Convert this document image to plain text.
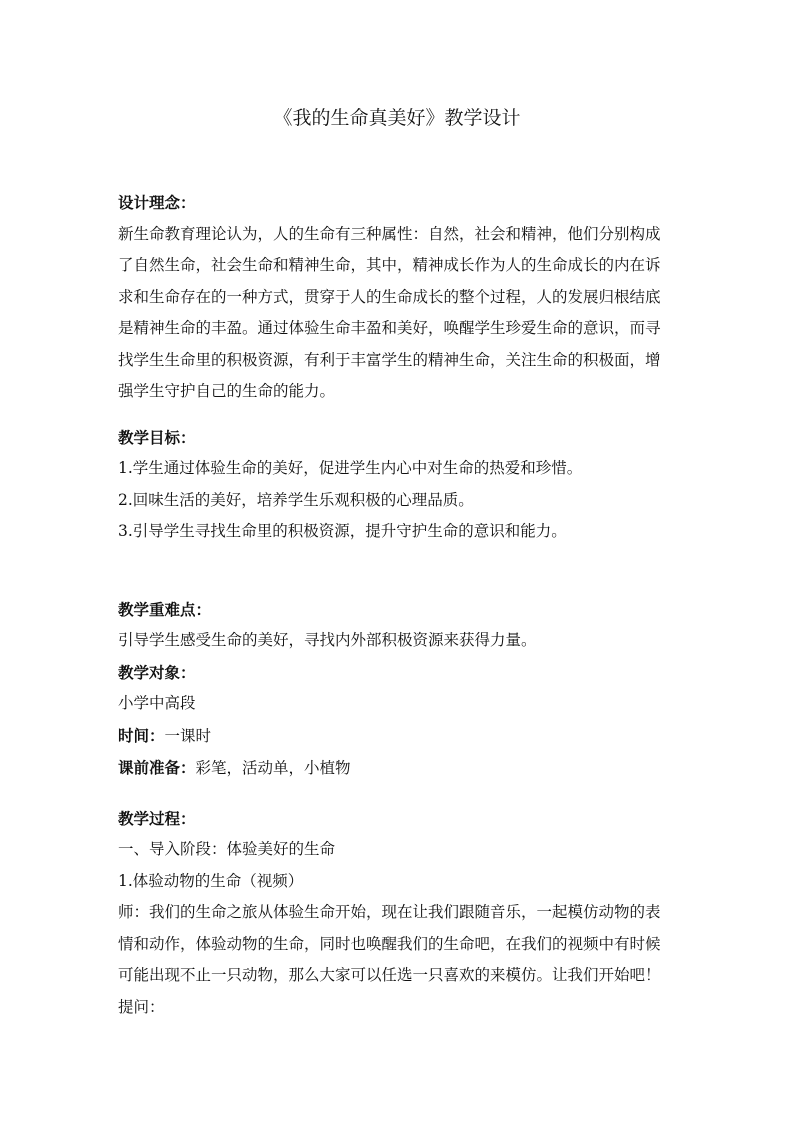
《我的生命真美好》教学设计

设计理念：

新生命教育理论认为，人的生命有三种属性：自然，社会和精神，他们分别构成

了自然生命，社会生命和精神生命，其中，精神成长作为人的生命成长的内在诉

求和生命存在的一种方式，贯穿于人的生命成长的整个过程，人的发展归根结底

是精神生命的丰盈。通过体验生命丰盈和美好，唤醒学生珍爱生命的意识，而寻

找学生生命里的积极资源，有利于丰富学生的精神生命，关注生命的积极面，增

强学生守护自己的生命的能力。

教学目标：

1.学生通过体验生命的美好，促进学生内心中对生命的热爱和珍惜。

2.回味生活的美好，培养学生乐观积极的心理品质。

3.引导学生寻找生命里的积极资源，提升守护生命的意识和能力。

教学重难点：

引导学生感受生命的美好，寻找内外部积极资源来获得力量。

教学对象：

小学中高段

时间：一课时

课前准备：彩笔，活动单，小植物

教学过程：

一、导入阶段：体验美好的生命

1.体验动物的生命（视频）

师：我们的生命之旅从体验生命开始，现在让我们跟随音乐，一起模仿动物的表

情和动作，体验动物的生命，同时也唤醒我们的生命吧，在我们的视频中有时候

可能出现不止一只动物，那么大家可以任选一只喜欢的来模仿。让我们开始吧！

提问：
